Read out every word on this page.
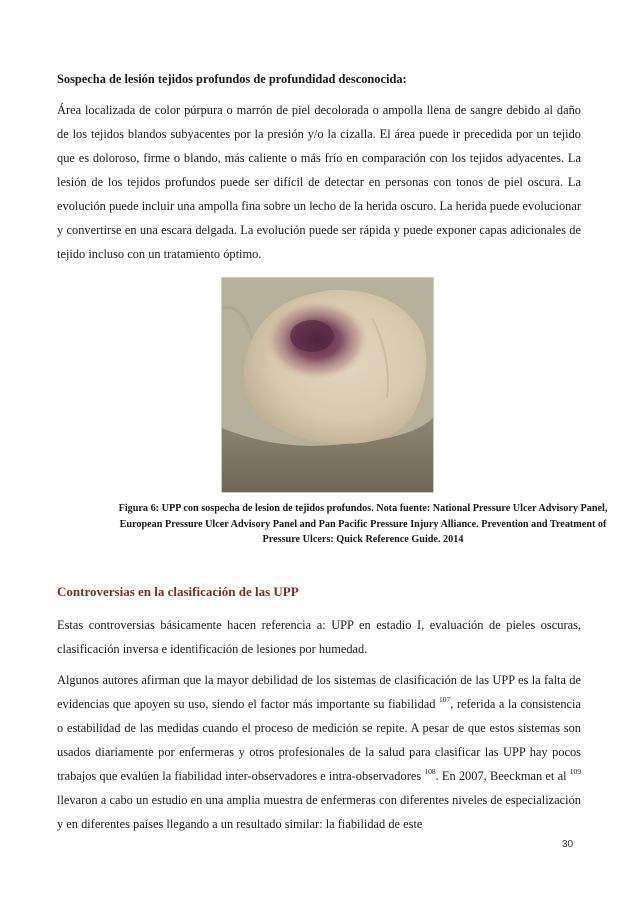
Sospecha de lesión tejidos profundos de profundidad desconocida:

Área localizada de color púrpura o marrón de piel decolorada o ampolla llena de sangre debido al daño de los tejidos blandos subyacentes por la presión y/o la cizalla. El área puede ir precedida por un tejido que es doloroso, firme o blando, más caliente o más frío en comparación con los tejidos adyacentes. La lesión de los tejidos profundos puede ser difícil de detectar en personas con tonos de piel oscura. La evolución puede incluir una ampolla fina sobre un lecho de la herida oscuro. La herida puede evolucionar y convertirse en una escara delgada. La evolución puede ser rápida y puede exponer capas adicionales de tejido incluso con un tratamiento óptimo.

Figura 6: UPP con sospecha de lesion de tejidos profundos. Nota fuente: National Pressure Ulcer Advisory Panel, European Pressure Ulcer Advisory Panel and Pan Pacific Pressure Injury Alliance. Prevention and Treatment of Pressure Ulcers: Quick Reference Guide. 2014

Controversias en la clasificación de las UPP

Estas controversias básicamente hacen referencia a: UPP en estadio I, evaluación de pieles oscuras, clasificación inversa e identificación de lesiones por humedad.

Algunos autores afirman que la mayor debilidad de los sistemas de clasificación de las UPP es la falta de evidencias que apoyen su uso, siendo el factor más importante su fiabilidad $^{107}$, referida a la consistencia o estabilidad de las medidas cuando el proceso de medición se repite. A pesar de que estos sistemas son usados diariamente por enfermeras y otros profesionales de la salud para clasificar las UPP hay pocos trabajos que evalúen la fiabilidad inter-observadores e intra-observadores $^{108}$. En 2007, Beeckman et al $^{109}$ llevaron a cabo un estudio en una amplia muestra de enfermeras con diferentes niveles de especialización y en diferentes países llegando a un resultado similar: la fiabilidad de este

30
